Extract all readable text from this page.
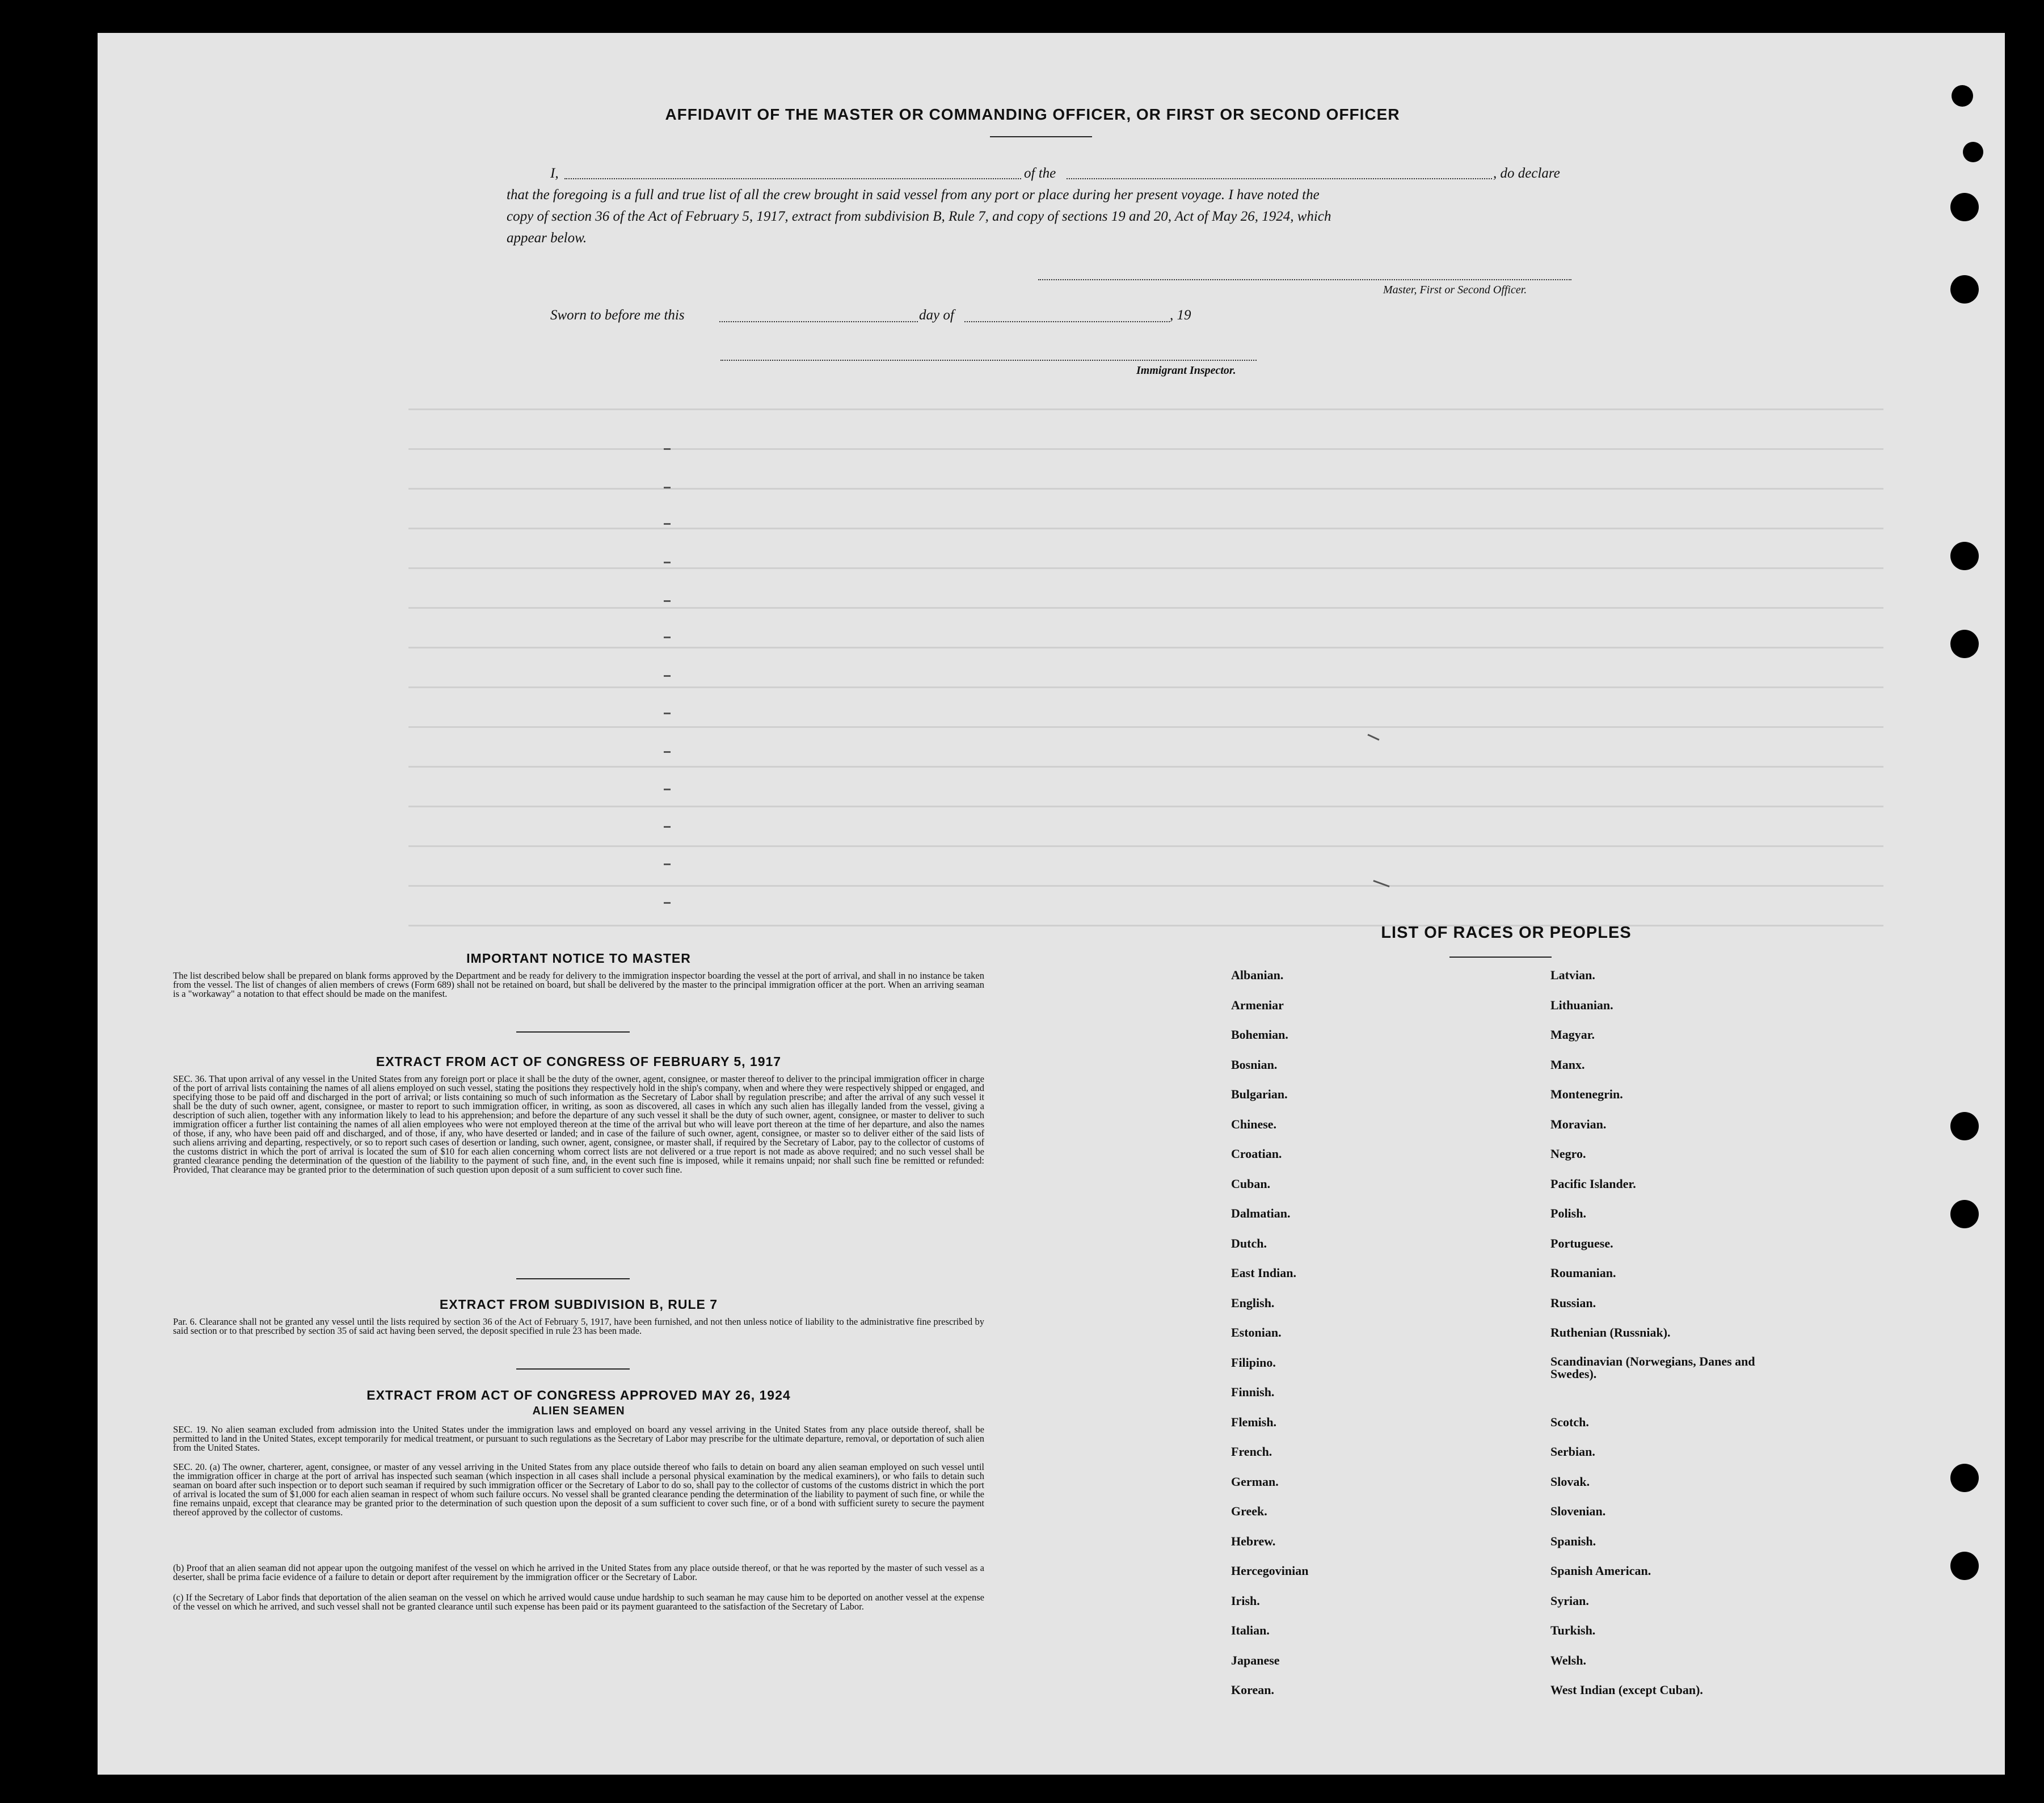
AFFIDAVIT OF THE MASTER OR COMMANDING OFFICER, OR FIRST OR SECOND OFFICER
I,	of the	, do declare
that the foregoing is a full and true list of all the crew brought in said vessel from any port or place during her present voyage. I have noted the
copy of section 36 of the Act of February 5, 1917, extract from subdivision B, Rule 7, and copy of sections 19 and 20, Act of May 26, 1924, which
appear below.
Master, First or Second Officer.
Sworn to before me this	day of	, 19
Immigrant Inspector.
IMPORTANT NOTICE TO MASTER
The list described below shall be prepared on blank forms approved by the Department and be ready for delivery to the immigration inspector boarding the vessel at the port of arrival, and shall in no instance be taken from the vessel. The list of changes of alien members of crews (Form 689) shall not be retained on board, but shall be delivered by the master to the principal immigration officer at the port. When an arriving seaman is a "workaway" a notation to that effect should be made on the manifest.
EXTRACT FROM ACT OF CONGRESS OF FEBRUARY 5, 1917
SEC. 36. That upon arrival of any vessel in the United States from any foreign port or place it shall be the duty of the owner, agent, consignee, or master thereof to deliver to the principal immigration officer in charge of the port of arrival lists containing the names of all aliens employed on such vessel, stating the positions they respectively hold in the ship's company, when and where they were respectively shipped or engaged, and specifying those to be paid off and discharged in the port of arrival; or lists containing so much of such information as the Secretary of Labor shall by regulation prescribe; and after the arrival of any such vessel it shall be the duty of such owner, agent, consignee, or master to report to such immigration officer, in writing, as soon as discovered, all cases in which any such alien has illegally landed from the vessel, giving a description of such alien, together with any information likely to lead to his apprehension; and before the departure of any such vessel it shall be the duty of such owner, agent, consignee, or master to deliver to such immigration officer a further list containing the names of all alien employees who were not employed thereon at the time of the arrival but who will leave port thereon at the time of her departure, and also the names of those, if any, who have been paid off and discharged, and of those, if any, who have deserted or landed; and in case of the failure of such owner, agent, consignee, or master so to deliver either of the said lists of such aliens arriving and departing, respectively, or so to report such cases of desertion or landing, such owner, agent, consignee, or master shall, if required by the Secretary of Labor, pay to the collector of customs of the customs district in which the port of arrival is located the sum of $10 for each alien concerning whom correct lists are not delivered or a true report is not made as above required; and no such vessel shall be granted clearance pending the determination of the question of the liability to the payment of such fine, and, in the event such fine is imposed, while it remains unpaid; nor shall such fine be remitted or refunded: Provided, That clearance may be granted prior to the determination of such question upon deposit of a sum sufficient to cover such fine.
EXTRACT FROM SUBDIVISION B, RULE 7
Par. 6. Clearance shall not be granted any vessel until the lists required by section 36 of the Act of February 5, 1917, have been furnished, and not then unless notice of liability to the administrative fine prescribed by said section or to that prescribed by section 35 of said act having been served, the deposit specified in rule 23 has been made.
EXTRACT FROM ACT OF CONGRESS APPROVED MAY 26, 1924
ALIEN SEAMEN
SEC. 19. No alien seaman excluded from admission into the United States under the immigration laws and employed on board any vessel arriving in the United States from any place outside thereof, shall be permitted to land in the United States, except temporarily for medical treatment, or pursuant to such regulations as the Secretary of Labor may prescribe for the ultimate departure, removal, or deportation of such alien from the United States.
SEC. 20. (a) The owner, charterer, agent, consignee, or master of any vessel arriving in the United States from any place outside thereof who fails to detain on board any alien seaman employed on such vessel until the immigration officer in charge at the port of arrival has inspected such seaman (which inspection in all cases shall include a personal physical examination by the medical examiners), or who fails to detain such seaman on board after such inspection or to deport such seaman if required by such immigration officer or the Secretary of Labor to do so, shall pay to the collector of customs of the customs district in which the port of arrival is located the sum of $1,000 for each alien seaman in respect of whom such failure occurs. No vessel shall be granted clearance pending the determination of the liability to payment of such fine, or while the fine remains unpaid, except that clearance may be granted prior to the determination of such question upon the deposit of a sum sufficient to cover such fine, or of a bond with sufficient surety to secure the payment thereof approved by the collector of customs.
(b) Proof that an alien seaman did not appear upon the outgoing manifest of the vessel on which he arrived in the United States from any place outside thereof, or that he was reported by the master of such vessel as a deserter, shall be prima facie evidence of a failure to detain or deport after requirement by the immigration officer or the Secretary of Labor.
(c) If the Secretary of Labor finds that deportation of the alien seaman on the vessel on which he arrived would cause undue hardship to such seaman he may cause him to be deported on another vessel at the expense of the vessel on which he arrived, and such vessel shall not be granted clearance until such expense has been paid or its payment guaranteed to the satisfaction of the Secretary of Labor.
LIST OF RACES OR PEOPLES
Albanian.
Armeniar
Bohemian.
Bosnian.
Bulgarian.
Chinese.
Croatian.
Cuban.
Dalmatian.
Dutch.
East Indian.
English.
Estonian.
Filipino.
Finnish.
Flemish.
French.
German.
Greek.
Hebrew.
Hercegovinian
Irish.
Italian.
Japanese
Korean.
Latvian.
Lithuanian.
Magyar.
Manx.
Montenegrin.
Moravian.
Negro.
Pacific Islander.
Polish.
Portuguese.
Roumanian.
Russian.
Ruthenian (Russniak).
Scandinavian (Norwegians, Danes and Swedes).
Scotch.
Serbian.
Slovak.
Slovenian.
Spanish.
Spanish American.
Syrian.
Turkish.
Welsh.
West Indian (except Cuban).
